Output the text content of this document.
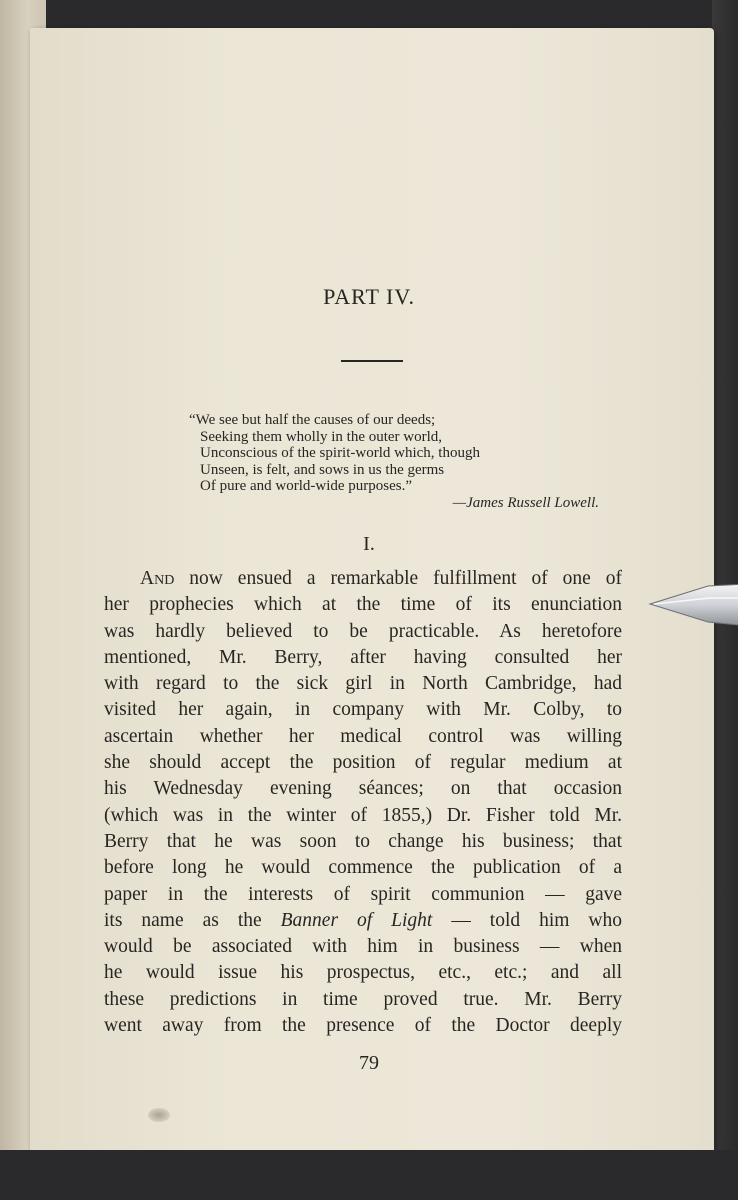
PART IV.
“We see but half the causes of our deeds;
Seeking them wholly in the outer world,
Unconscious of the spirit-world which, though
Unseen, is felt, and sows in us the germs
Of pure and world-wide purposes.”
—James Russell Lowell.
I.
And now ensued a remarkable fulfillment of one of
her prophecies which at the time of its enunciation
was hardly believed to be practicable. As heretofore
mentioned, Mr. Berry, after having consulted her
with regard to the sick girl in North Cambridge, had
visited her again, in company with Mr. Colby, to
ascertain whether her medical control was willing
she should accept the position of regular medium at
his Wednesday evening séances; on that occasion
(which was in the winter of 1855,) Dr. Fisher told Mr.
Berry that he was soon to change his business; that
before long he would commence the publication of a
paper in the interests of spirit communion — gave
its name as the Banner of Light — told him who
would be associated with him in business — when
he would issue his prospectus, etc., etc.; and all
these predictions in time proved true. Mr. Berry
went away from the presence of the Doctor deeply
79
